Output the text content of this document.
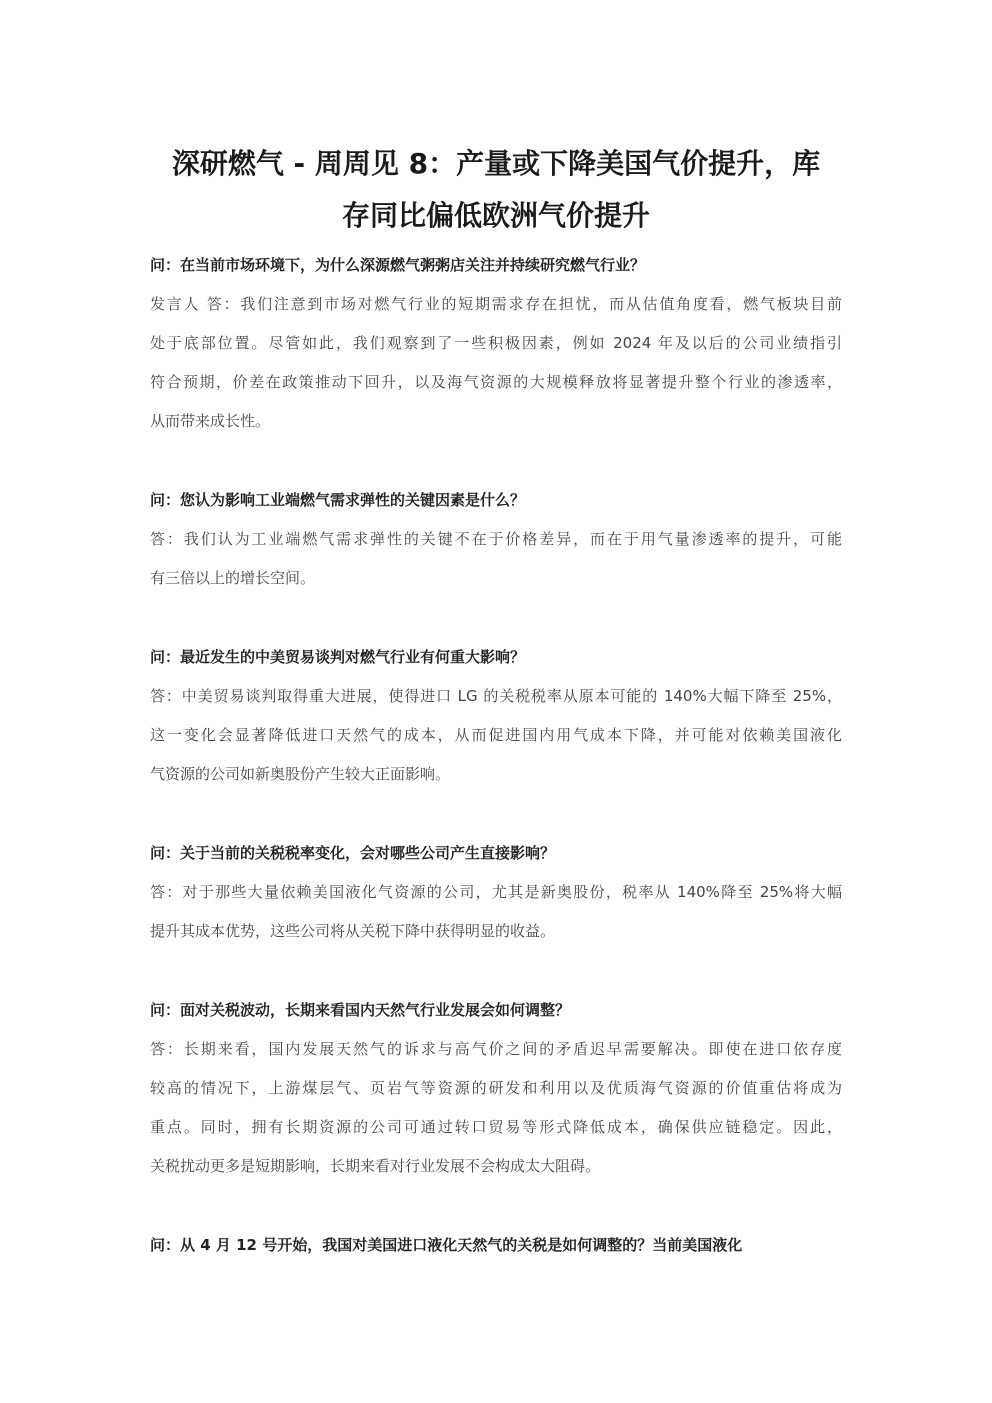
深研燃气 - 周周见 8：产量或下降美国气价提升，库
存同比偏低欧洲气价提升

问：在当前市场环境下，为什么深源燃气粥粥店关注并持续研究燃气行业？

发言人 答：我们注意到市场对燃气行业的短期需求存在担忧，而从估值角度看，燃气板块目前
处于底部位置。尽管如此，我们观察到了一些积极因素，例如 2024 年及以后的公司业绩指引
符合预期，价差在政策推动下回升，以及海气资源的大规模释放将显著提升整个行业的渗透率，
从而带来成长性。

问：您认为影响工业端燃气需求弹性的关键因素是什么？

答：我们认为工业端燃气需求弹性的关键不在于价格差异，而在于用气量渗透率的提升，可能
有三倍以上的增长空间。

问：最近发生的中美贸易谈判对燃气行业有何重大影响？

答：中美贸易谈判取得重大进展，使得进口 LG 的关税税率从原本可能的 140%大幅下降至 25%，
这一变化会显著降低进口天然气的成本，从而促进国内用气成本下降，并可能对依赖美国液化
气资源的公司如新奥股份产生较大正面影响。

问：关于当前的关税税率变化，会对哪些公司产生直接影响？

答：对于那些大量依赖美国液化气资源的公司，尤其是新奥股份，税率从 140%降至 25%将大幅
提升其成本优势，这些公司将从关税下降中获得明显的收益。

问：面对关税波动，长期来看国内天然气行业发展会如何调整？

答：长期来看，国内发展天然气的诉求与高气价之间的矛盾迟早需要解决。即使在进口依存度
较高的情况下，上游煤层气、页岩气等资源的研发和利用以及优质海气资源的价值重估将成为
重点。同时，拥有长期资源的公司可通过转口贸易等形式降低成本，确保供应链稳定。因此，
关税扰动更多是短期影响，长期来看对行业发展不会构成太大阻碍。

问：从 4 月 12 号开始，我国对美国进口液化天然气的关税是如何调整的？当前美国液化
